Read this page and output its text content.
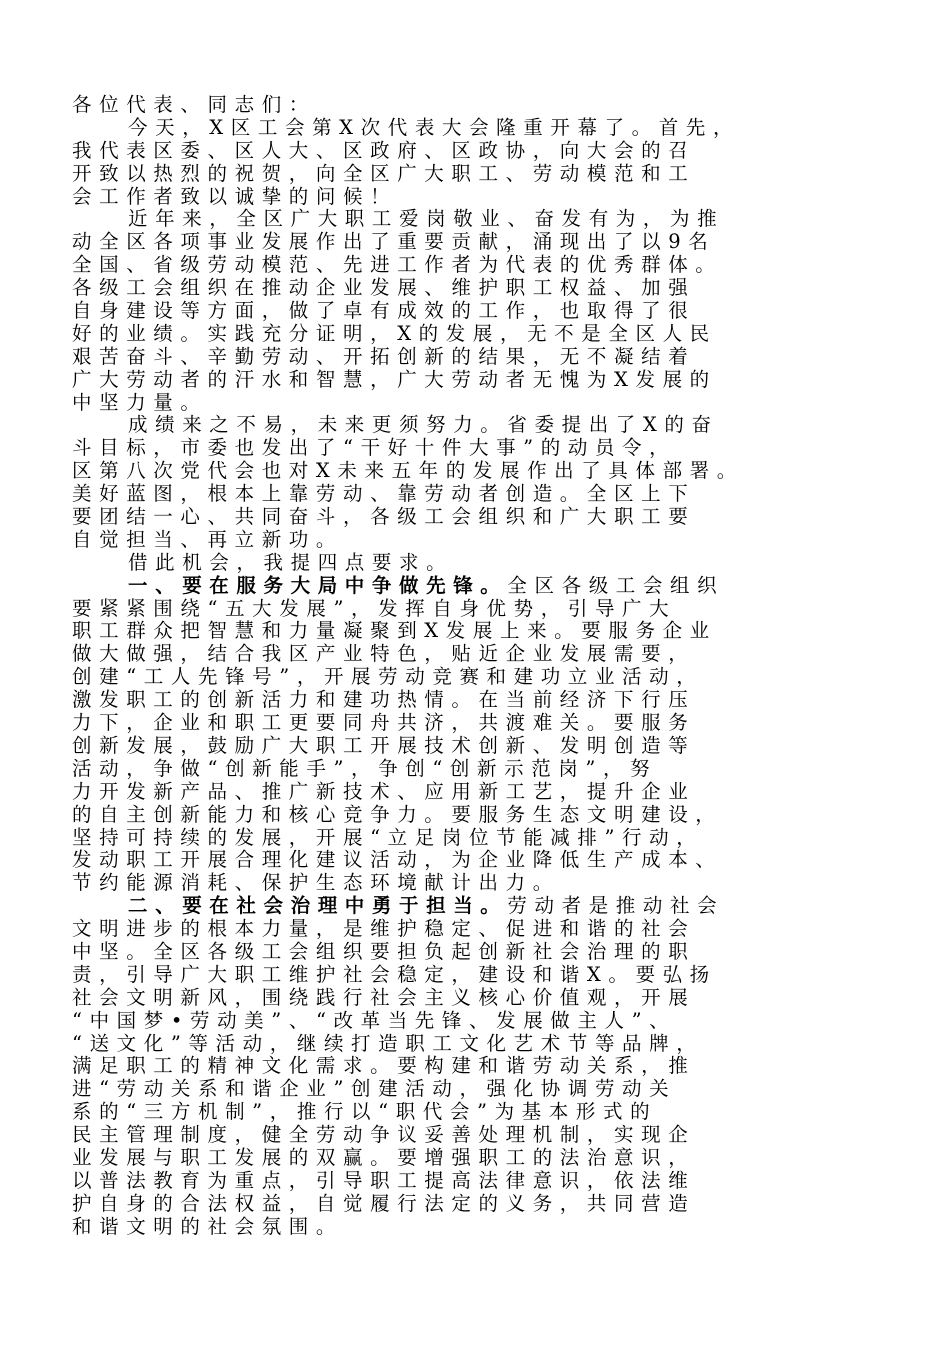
各位代表、同志们：
今天，X区工会第X次代表大会隆重开幕了。首先，
我代表区委、区人大、区政府、区政协，向大会的召
开致以热烈的祝贺，向全区广大职工、劳动模范和工
会工作者致以诚挚的问候！
近年来，全区广大职工爱岗敬业、奋发有为，为推
动全区各项事业发展作出了重要贡献，涌现出了以9名
全国、省级劳动模范、先进工作者为代表的优秀群体。
各级工会组织在推动企业发展、维护职工权益、加强
自身建设等方面，做了卓有成效的工作，也取得了很
好的业绩。实践充分证明，X的发展，无不是全区人民
艰苦奋斗、辛勤劳动、开拓创新的结果，无不凝结着
广大劳动者的汗水和智慧，广大劳动者无愧为X发展的
中坚力量。
成绩来之不易，未来更须努力。省委提出了X的奋
斗目标，市委也发出了“干好十件大事”的动员令，
区第八次党代会也对X未来五年的发展作出了具体部署。
美好蓝图，根本上靠劳动、靠劳动者创造。全区上下
要团结一心、共同奋斗，各级工会组织和广大职工要
自觉担当、再立新功。
借此机会，我提四点要求。
一、要在服务大局中争做先锋。全区各级工会组织
要紧紧围绕“五大发展”，发挥自身优势，引导广大
职工群众把智慧和力量凝聚到X发展上来。要服务企业
做大做强，结合我区产业特色，贴近企业发展需要，
创建“工人先锋号”，开展劳动竞赛和建功立业活动，
激发职工的创新活力和建功热情。在当前经济下行压
力下，企业和职工更要同舟共济，共渡难关。要服务
创新发展，鼓励广大职工开展技术创新、发明创造等
活动，争做“创新能手”，争创“创新示范岗”，努
力开发新产品、推广新技术、应用新工艺，提升企业
的自主创新能力和核心竞争力。要服务生态文明建设，
坚持可持续的发展，开展“立足岗位节能减排”行动，
发动职工开展合理化建议活动，为企业降低生产成本、
节约能源消耗、保护生态环境献计出力。
二、要在社会治理中勇于担当。劳动者是推动社会
文明进步的根本力量，是维护稳定、促进和谐的社会
中坚。全区各级工会组织要担负起创新社会治理的职
责，引导广大职工维护社会稳定，建设和谐X。要弘扬
社会文明新风，围绕践行社会主义核心价值观，开展
“中国梦•劳动美”、“改革当先锋、发展做主人”、
“送文化”等活动，继续打造职工文化艺术节等品牌，
满足职工的精神文化需求。要构建和谐劳动关系，推
进“劳动关系和谐企业”创建活动，强化协调劳动关
系的“三方机制”，推行以“职代会”为基本形式的
民主管理制度，健全劳动争议妥善处理机制，实现企
业发展与职工发展的双赢。要增强职工的法治意识，
以普法教育为重点，引导职工提高法律意识，依法维
护自身的合法权益，自觉履行法定的义务，共同营造
和谐文明的社会氛围。
